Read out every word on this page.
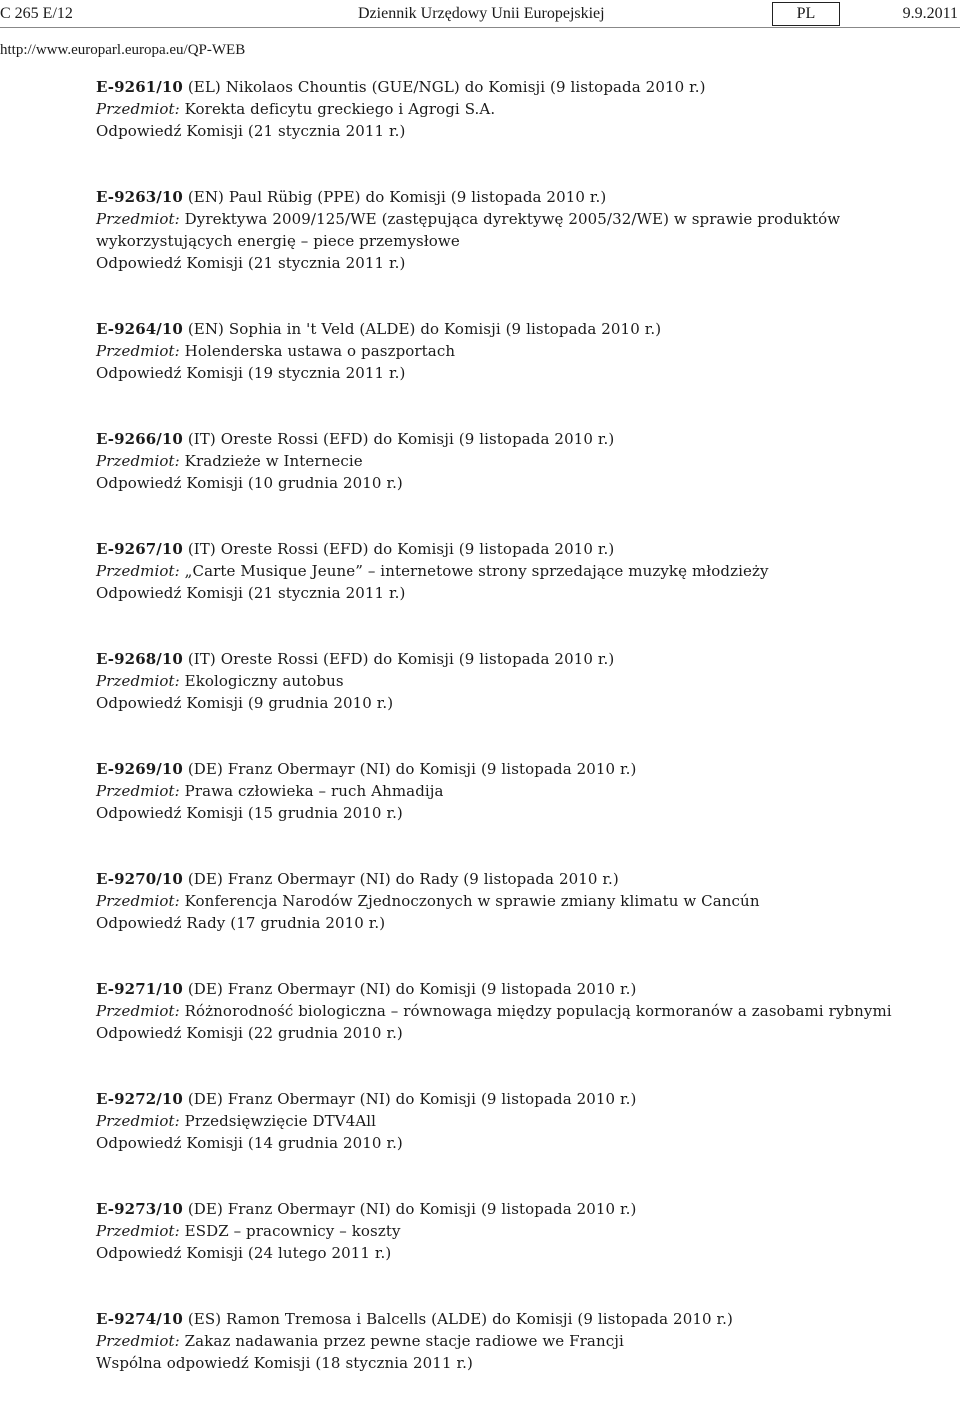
C 265 E/12	Dziennik Urzędowy Unii Europejskiej	PL	9.9.2011
http://www.europarl.europa.eu/QP-WEB

E-9261/10 (EL) Nikolaos Chountis (GUE/NGL) do Komisji (9 listopada 2010 r.)

Przedmiot: Korekta deficytu greckiego i Agrogi S.A.

Odpowiedź Komisji (21 stycznia 2011 r.)

E-9263/10 (EN) Paul Rübig (PPE) do Komisji (9 listopada 2010 r.)

Przedmiot: Dyrektywa 2009/125/WE (zastępująca dyrektywę 2005/32/WE) w sprawie produktów wykorzystujących energię – piece przemysłowe

Odpowiedź Komisji (21 stycznia 2011 r.)

E-9264/10 (EN) Sophia in 't Veld (ALDE) do Komisji (9 listopada 2010 r.)

Przedmiot: Holenderska ustawa o paszportach

Odpowiedź Komisji (19 stycznia 2011 r.)

E-9266/10 (IT) Oreste Rossi (EFD) do Komisji (9 listopada 2010 r.)

Przedmiot: Kradzieże w Internecie

Odpowiedź Komisji (10 grudnia 2010 r.)

E-9267/10 (IT) Oreste Rossi (EFD) do Komisji (9 listopada 2010 r.)

Przedmiot: „Carte Musique Jeune” – internetowe strony sprzedające muzykę młodzieży

Odpowiedź Komisji (21 stycznia 2011 r.)

E-9268/10 (IT) Oreste Rossi (EFD) do Komisji (9 listopada 2010 r.)

Przedmiot: Ekologiczny autobus

Odpowiedź Komisji (9 grudnia 2010 r.)

E-9269/10 (DE) Franz Obermayr (NI) do Komisji (9 listopada 2010 r.)

Przedmiot: Prawa człowieka – ruch Ahmadija

Odpowiedź Komisji (15 grudnia 2010 r.)

E-9270/10 (DE) Franz Obermayr (NI) do Rady (9 listopada 2010 r.)

Przedmiot: Konferencja Narodów Zjednoczonych w sprawie zmiany klimatu w Cancún

Odpowiedź Rady (17 grudnia 2010 r.)

E-9271/10 (DE) Franz Obermayr (NI) do Komisji (9 listopada 2010 r.)

Przedmiot: Różnorodność biologiczna – równowaga między populacją kormoranów a zasobami rybnymi

Odpowiedź Komisji (22 grudnia 2010 r.)

E-9272/10 (DE) Franz Obermayr (NI) do Komisji (9 listopada 2010 r.)

Przedmiot: Przedsięwzięcie DTV4All

Odpowiedź Komisji (14 grudnia 2010 r.)

E-9273/10 (DE) Franz Obermayr (NI) do Komisji (9 listopada 2010 r.)

Przedmiot: ESDZ – pracownicy – koszty

Odpowiedź Komisji (24 lutego 2011 r.)

E-9274/10 (ES) Ramon Tremosa i Balcells (ALDE) do Komisji (9 listopada 2010 r.)

Przedmiot: Zakaz nadawania przez pewne stacje radiowe we Francji

Wspólna odpowiedź Komisji (18 stycznia 2011 r.)
